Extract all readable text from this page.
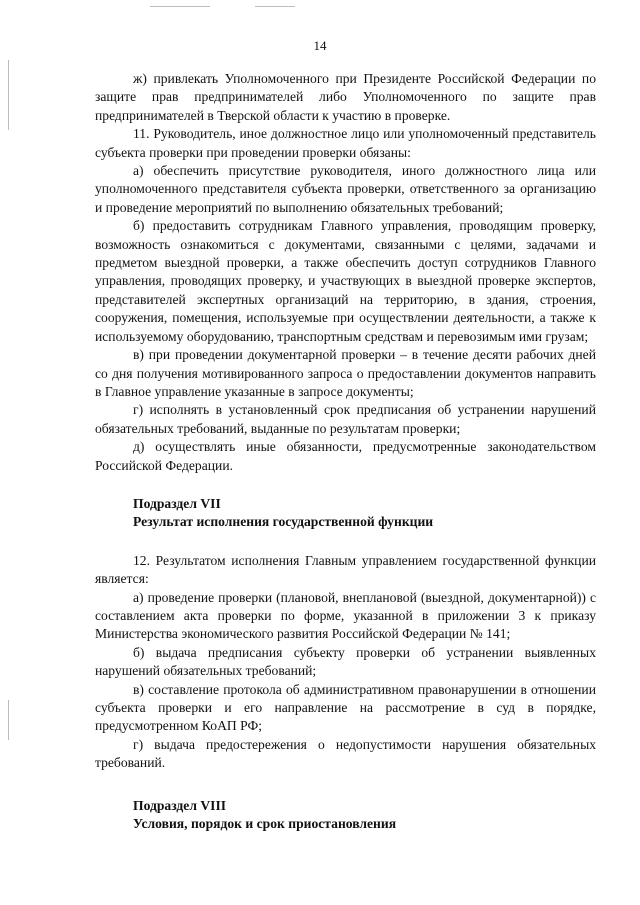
14

ж) привлекать Уполномоченного при Президенте Российской Федерации по защите прав предпринимателей либо Уполномоченного по защите прав предпринимателей в Тверской области к участию в проверке.

11. Руководитель, иное должностное лицо или уполномоченный представитель субъекта проверки при проведении проверки обязаны:

а) обеспечить присутствие руководителя, иного должностного лица или уполномоченного представителя субъекта проверки, ответственного за организацию и проведение мероприятий по выполнению обязательных требований;

б) предоставить сотрудникам Главного управления, проводящим проверку, возможность ознакомиться с документами, связанными с целями, задачами и предметом выездной проверки, а также обеспечить доступ сотрудников Главного управления, проводящих проверку, и участвующих в выездной проверке экспертов, представителей экспертных организаций на территорию, в здания, строения, сооружения, помещения, используемые при осуществлении деятельности, а также к используемому оборудованию, транспортным средствам и перевозимым ими грузам;

в) при проведении документарной проверки – в течение десяти рабочих дней со дня получения мотивированного запроса о предоставлении документов направить в Главное управление указанные в запросе документы;

г) исполнять в установленный срок предписания об устранении нарушений обязательных требований, выданные по результатам проверки;

д) осуществлять иные обязанности, предусмотренные законодательством Российской Федерации.

Подраздел VII

Результат исполнения государственной функции

12. Результатом исполнения Главным управлением государственной функции является:

а) проведение проверки (плановой, внеплановой (выездной, документарной)) с составлением акта проверки по форме, указанной в приложении 3 к приказу Министерства экономического развития Российской Федерации № 141;

б) выдача предписания субъекту проверки об устранении выявленных нарушений обязательных требований;

в) составление протокола об административном правонарушении в отношении субъекта проверки и его направление на рассмотрение в суд в порядке, предусмотренном КоАП РФ;

г) выдача предостережения о недопустимости нарушения обязательных требований.

Подраздел VIII

Условия, порядок и срок приостановления
